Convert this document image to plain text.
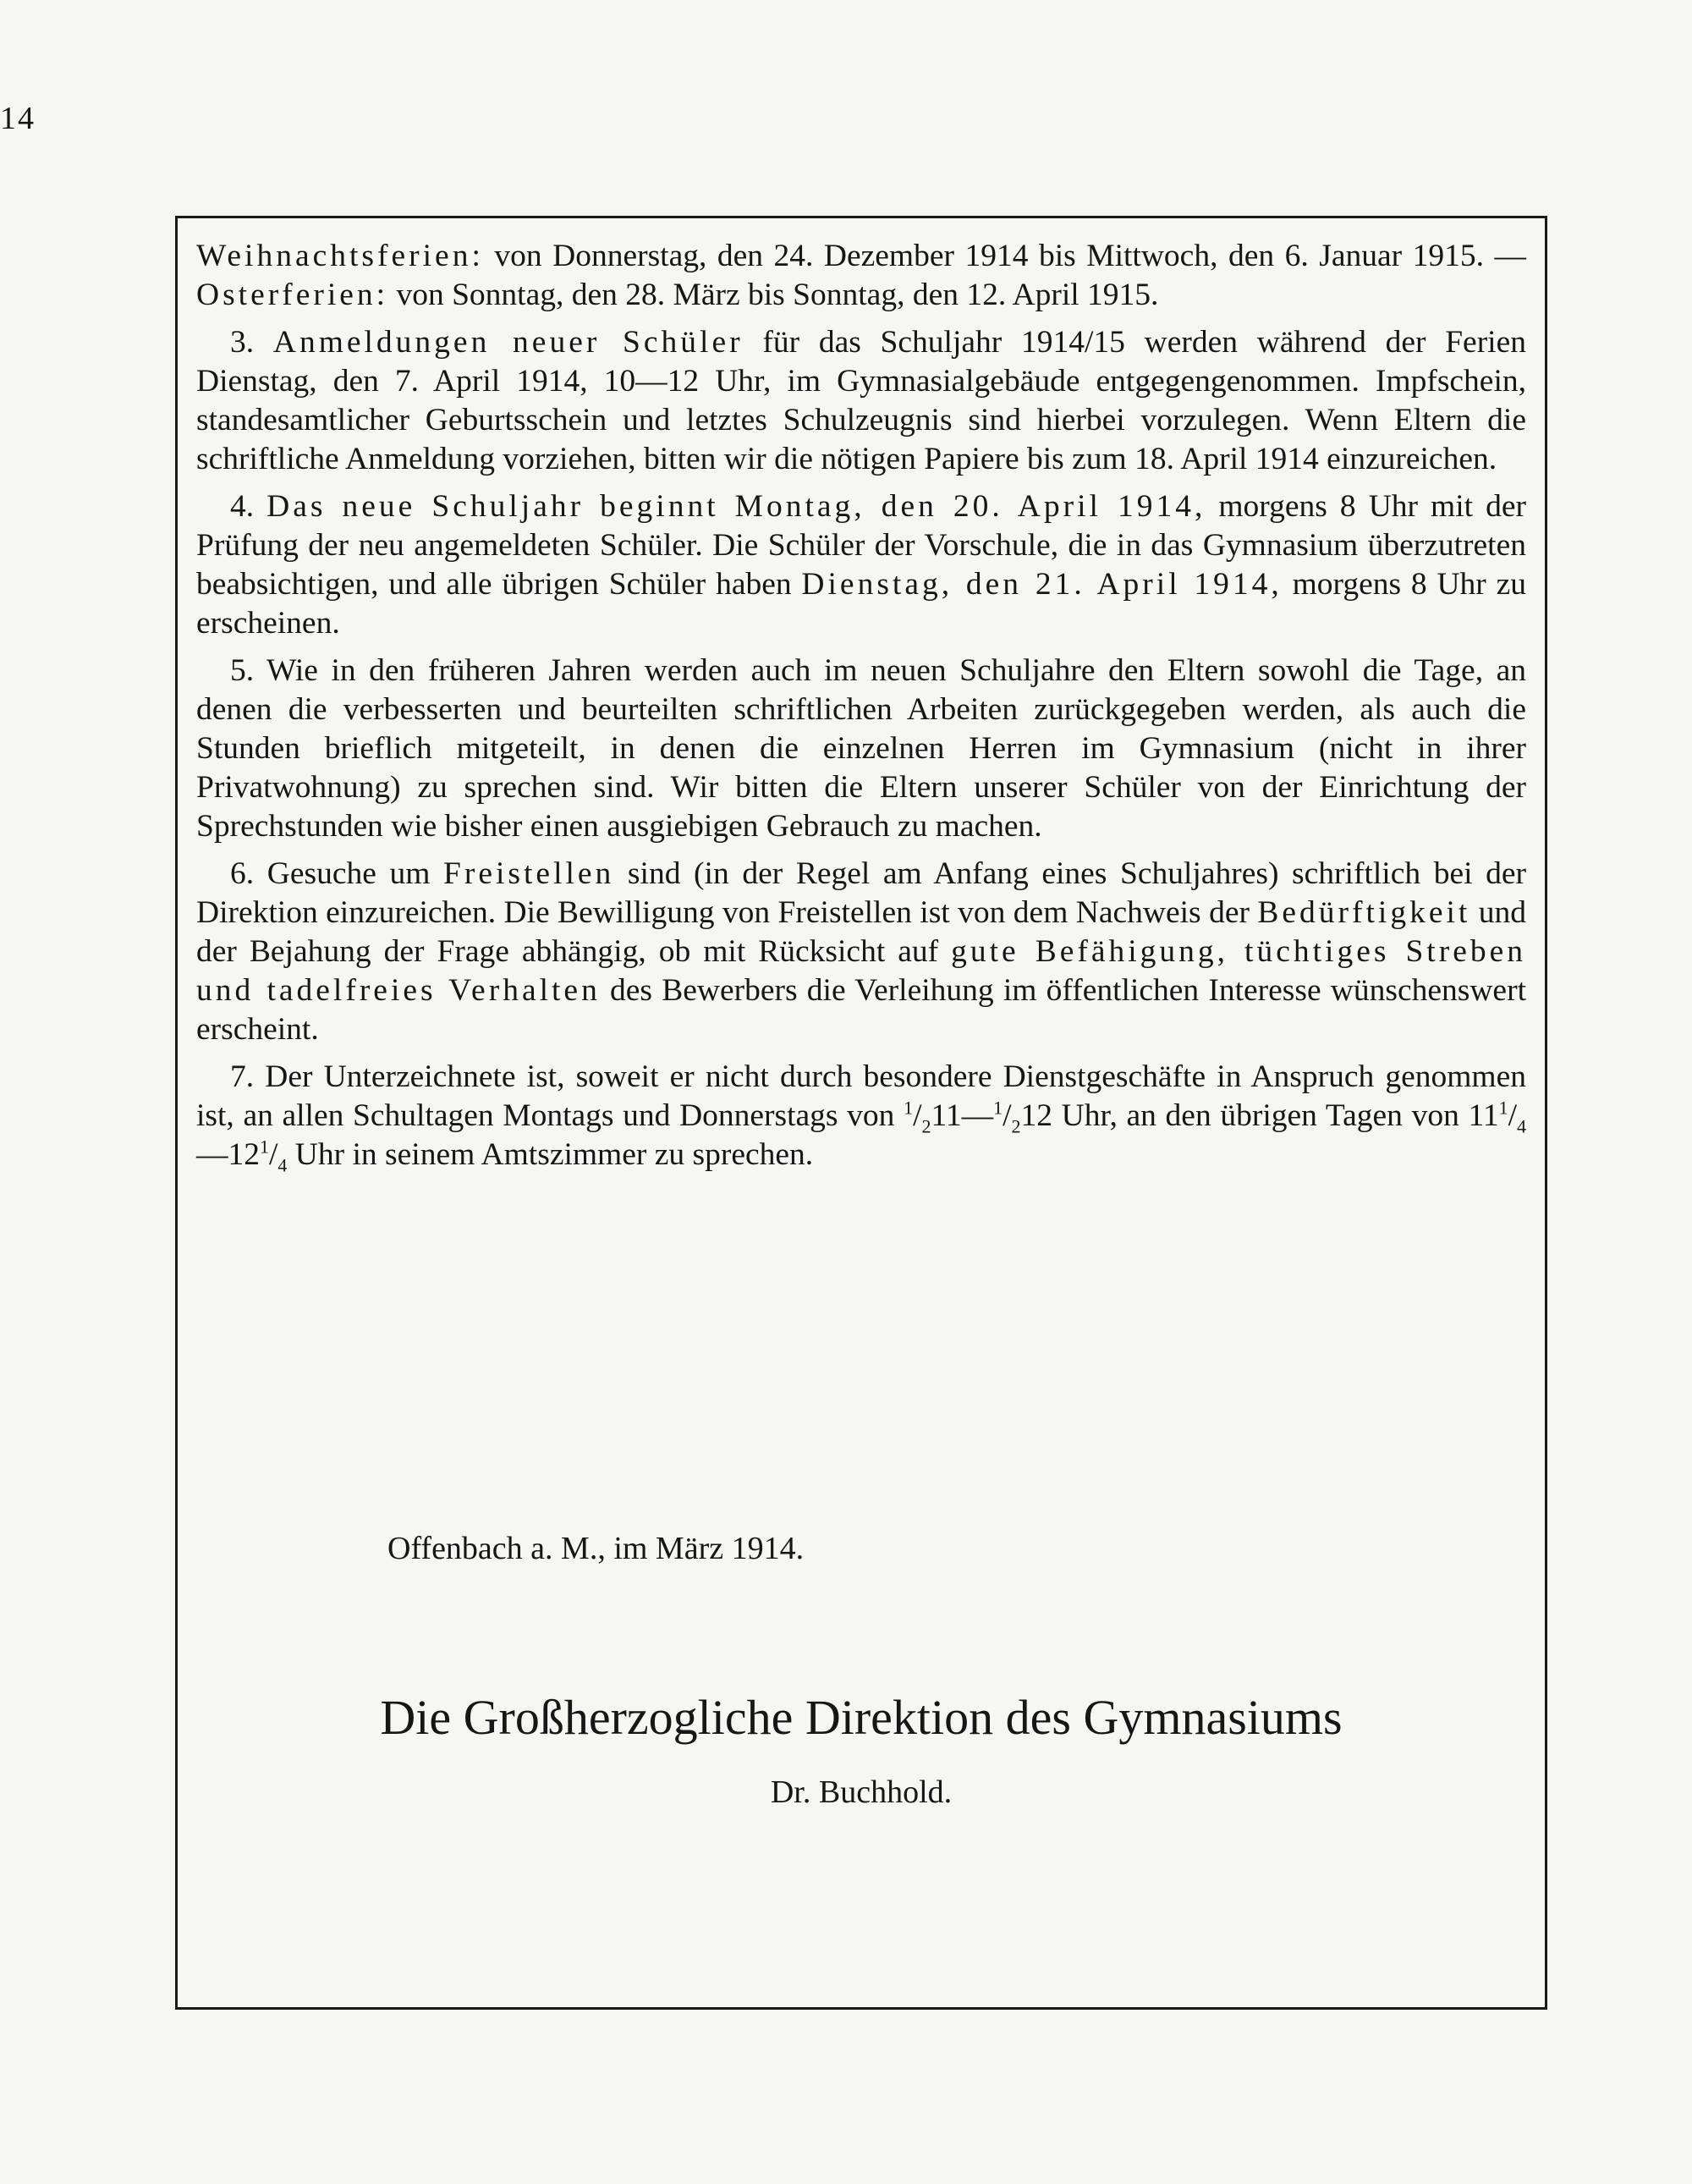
14

Weihnachtsferien: von Donnerstag, den 24. Dezember 1914 bis Mittwoch, den 6. Januar 1915. — Osterferien: von Sonntag, den 28. März bis Sonntag, den 12. April 1915.

3. Anmeldungen neuer Schüler für das Schuljahr 1914/15 werden während der Ferien Dienstag, den 7. April 1914, 10—12 Uhr, im Gymnasialgebäude entgegengenommen. Impfschein, standesamtlicher Geburtsschein und letztes Schulzeugnis sind hierbei vorzulegen. Wenn Eltern die schriftliche Anmeldung vorziehen, bitten wir die nötigen Papiere bis zum 18. April 1914 einzureichen.

4. Das neue Schuljahr beginnt Montag, den 20. April 1914, morgens 8 Uhr mit der Prüfung der neu angemeldeten Schüler. Die Schüler der Vorschule, die in das Gymnasium überzutreten beabsichtigen, und alle übrigen Schüler haben Dienstag, den 21. April 1914, morgens 8 Uhr zu erscheinen.

5. Wie in den früheren Jahren werden auch im neuen Schuljahre den Eltern sowohl die Tage, an denen die verbesserten und beurteilten schriftlichen Arbeiten zurückgegeben werden, als auch die Stunden brieflich mitgeteilt, in denen die einzelnen Herren im Gymnasium (nicht in ihrer Privatwohnung) zu sprechen sind. Wir bitten die Eltern unserer Schüler von der Einrichtung der Sprechstunden wie bisher einen ausgiebigen Gebrauch zu machen.

6. Gesuche um Freistellen sind (in der Regel am Anfang eines Schuljahres) schriftlich bei der Direktion einzureichen. Die Bewilligung von Freistellen ist von dem Nachweis der Bedürftigkeit und der Bejahung der Frage abhängig, ob mit Rücksicht auf gute Befähigung, tüchtiges Streben und tadelfreies Verhalten des Bewerbers die Verleihung im öffentlichen Interesse wünschenswert erscheint.

7. Der Unterzeichnete ist, soweit er nicht durch besondere Dienstgeschäfte in Anspruch genommen ist, an allen Schultagen Montags und Donnerstags von $^1/_211—^1/_212$ Uhr, an den übrigen Tagen von $11^1/_4—12^1/_4$ Uhr in seinem Amtszimmer zu sprechen.

Offenbach a. M., im März 1914.

Die Großherzogliche Direktion des Gymnasiums

Dr. Buchhold.
